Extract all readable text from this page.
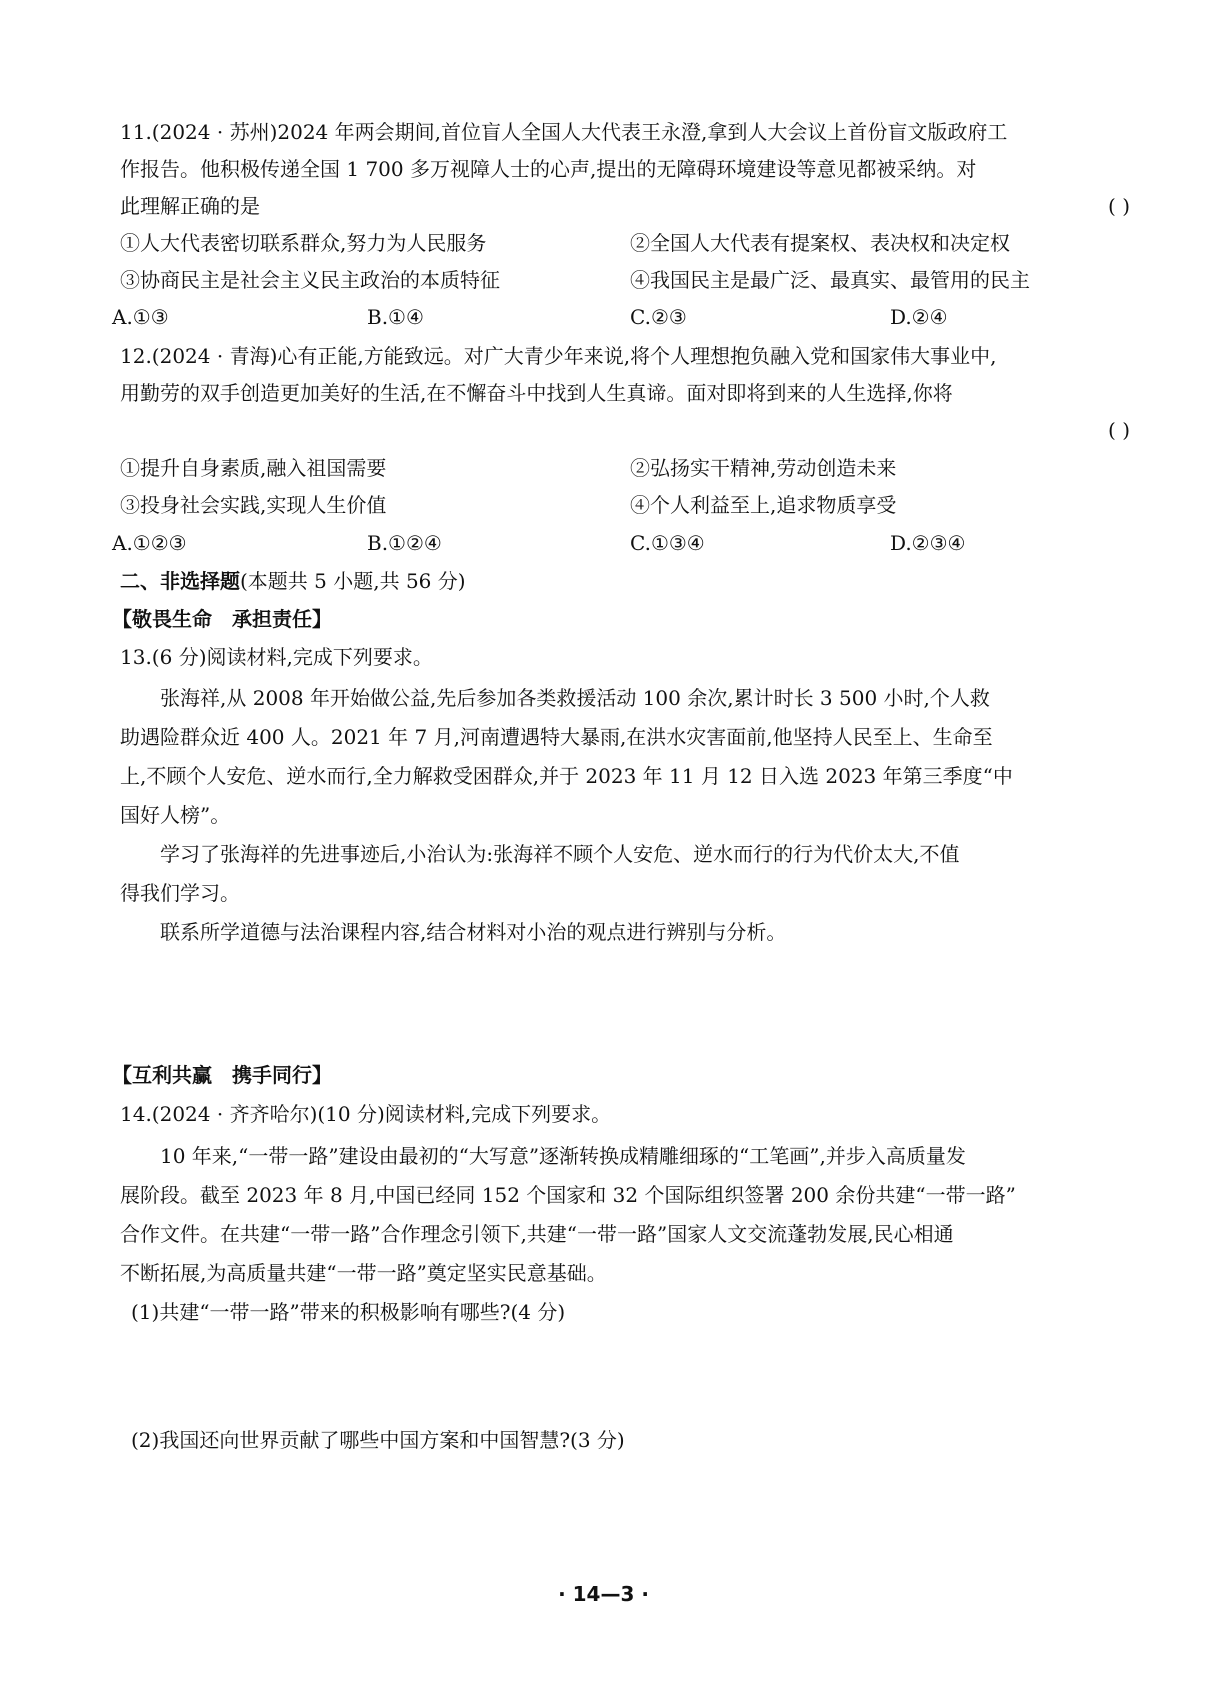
11.(2024 · 苏州)2024 年两会期间,首位盲人全国人大代表王永澄,拿到人大会议上首份盲文版政府工
作报告。他积极传递全国 1 700 多万视障人士的心声,提出的无障碍环境建设等意见都被采纳。对
此理解正确的是	( )
①人大代表密切联系群众,努力为人民服务	②全国人大代表有提案权、表决权和决定权
③协商民主是社会主义民主政治的本质特征	④我国民主是最广泛、最真实、最管用的民主
A.①③	B.①④	C.②③	D.②④
12.(2024 · 青海)心有正能,方能致远。对广大青少年来说,将个人理想抱负融入党和国家伟大事业中,
用勤劳的双手创造更加美好的生活,在不懈奋斗中找到人生真谛。面对即将到来的人生选择,你将
( )
①提升自身素质,融入祖国需要	②弘扬实干精神,劳动创造未来
③投身社会实践,实现人生价值	④个人利益至上,追求物质享受
A.①②③	B.①②④	C.①③④	D.②③④
二、非选择题(本题共 5 小题,共 56 分)
【敬畏生命　承担责任】
13.(6 分)阅读材料,完成下列要求。
张海祥,从 2008 年开始做公益,先后参加各类救援活动 100 余次,累计时长 3 500 小时,个人救
助遇险群众近 400 人。2021 年 7 月,河南遭遇特大暴雨,在洪水灾害面前,他坚持人民至上、生命至
上,不顾个人安危、逆水而行,全力解救受困群众,并于 2023 年 11 月 12 日入选 2023 年第三季度“中
国好人榜”。
学习了张海祥的先进事迹后,小治认为:张海祥不顾个人安危、逆水而行的行为代价太大,不值
得我们学习。
联系所学道德与法治课程内容,结合材料对小治的观点进行辨别与分析。
【互利共赢　携手同行】
14.(2024 · 齐齐哈尔)(10 分)阅读材料,完成下列要求。
10 年来,“一带一路”建设由最初的“大写意”逐渐转换成精雕细琢的“工笔画”,并步入高质量发
展阶段。截至 2023 年 8 月,中国已经同 152 个国家和 32 个国际组织签署 200 余份共建“一带一路”
合作文件。在共建“一带一路”合作理念引领下,共建“一带一路”国家人文交流蓬勃发展,民心相通
不断拓展,为高质量共建“一带一路”奠定坚实民意基础。
(1)共建“一带一路”带来的积极影响有哪些?(4 分)
(2)我国还向世界贡献了哪些中国方案和中国智慧?(3 分)
· 14—3 ·
